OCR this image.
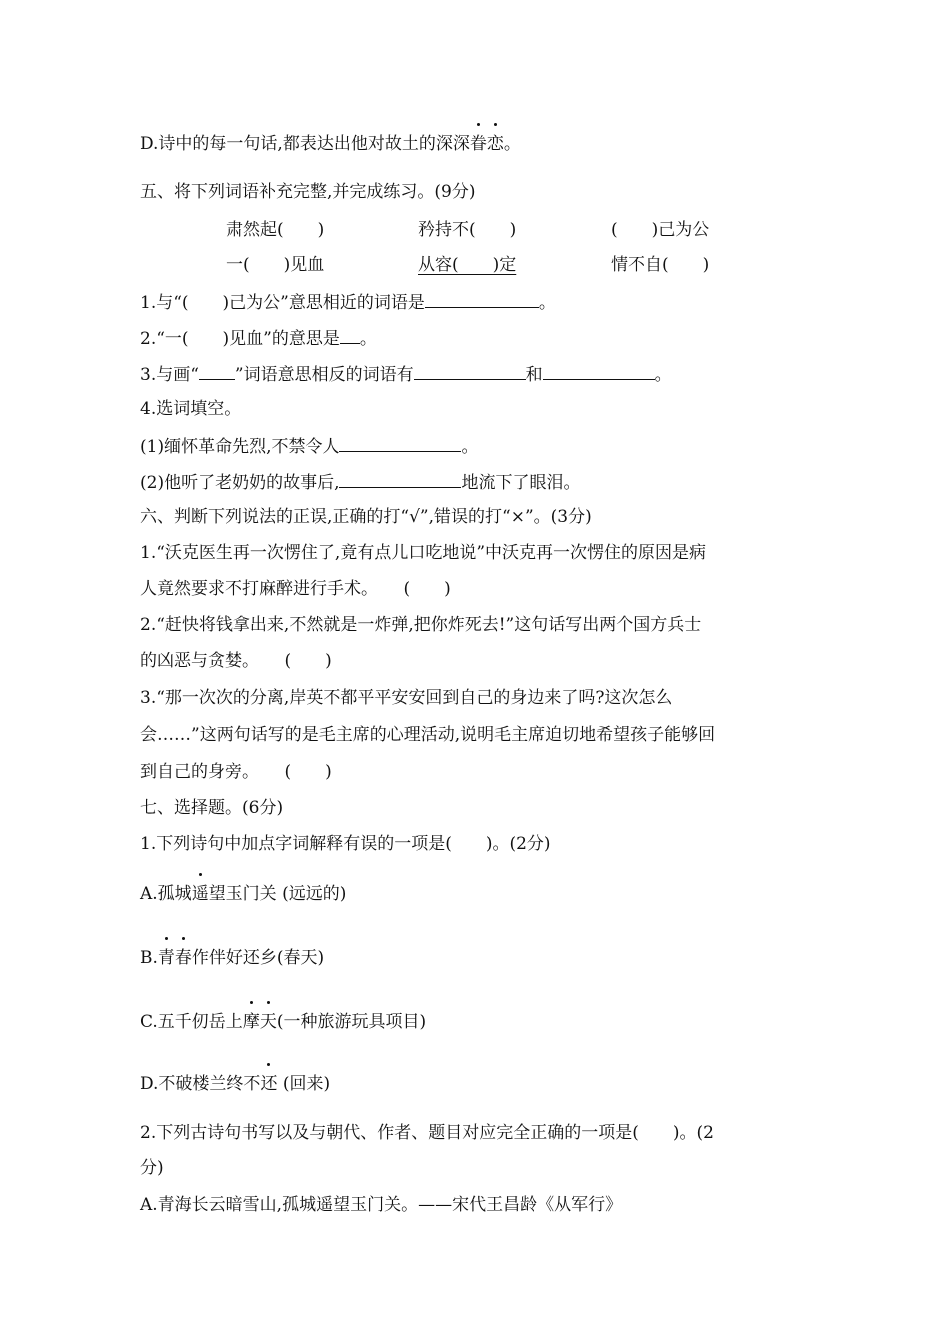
D.诗中的每一句话,都表达出他对故土的深深眷恋。
五、将下列词语补充完整,并完成练习。(9分)
肃然起(　　)	矜持不(　　)	(　　)己为公
一(　　)见血	从容(　　)定	情不自(　　)
1.与“(　　)己为公”意思相近的词语是	。
2.“一(　　)见血”的意思是 。
3.与画“ ”词语意思相反的词语有	和	。
4.选词填空。
(1)缅怀革命先烈,不禁令人	。
(2)他听了老奶奶的故事后,	地流下了眼泪。
六、判断下列说法的正误,正确的打“√”,错误的打“×”。(3分)
1.“沃克医生再一次愣住了,竟有点儿口吃地说”中沃克再一次愣住的原因是病
人竟然要求不打麻醉进行手术。　　(　　)
2.“赶快将钱拿出来,不然就是一炸弹,把你炸死去!”这句话写出两个国方兵士
的凶恶与贪婪。　　(　　)
3.“那一次次的分离,岸英不都平平安安回到自己的身边来了吗?这次怎么
会……”这两句话写的是毛主席的心理活动,说明毛主席迫切地希望孩子能够回
到自己的身旁。　　(　　)
七、选择题。(6分)
1.下列诗句中加点字词解释有误的一项是(　　)。(2分)
A.孤城遥望玉门关 (远远的)
B.青春作伴好还乡(春天)
C.五千仞岳上摩天(一种旅游玩具项目)
D.不破楼兰终不还 (回来)
2.下列古诗句书写以及与朝代、作者、题目对应完全正确的一项是(　　)。(2
分)
A.青海长云暗雪山,孤城遥望玉门关。——宋代王昌龄《从军行》
